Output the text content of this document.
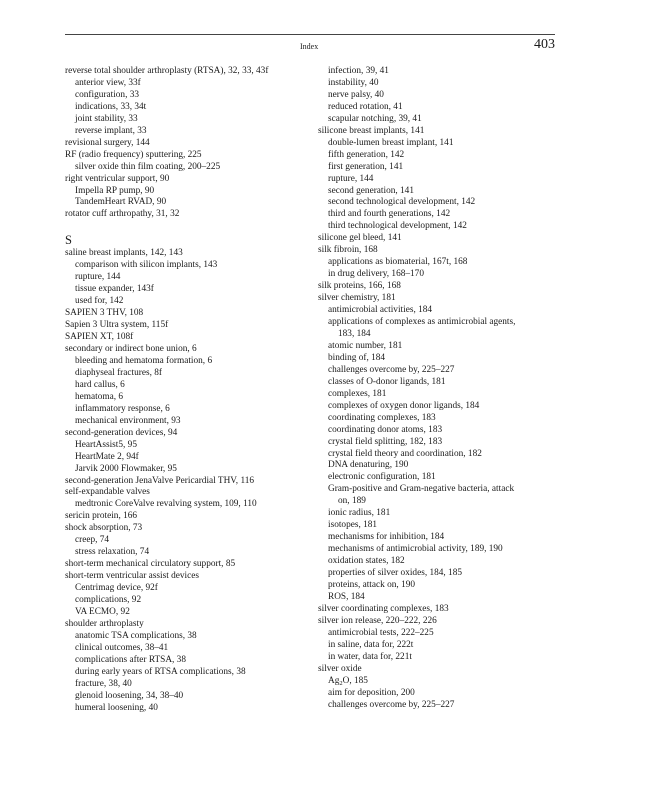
Index	403
reverse total shoulder arthroplasty (RTSA), 32, 33, 43f
anterior view, 33f
configuration, 33
indications, 33, 34t
joint stability, 33
reverse implant, 33
revisional surgery, 144
RF (radio frequency) sputtering, 225
silver oxide thin film coating, 200–225
right ventricular support, 90
Impella RP pump, 90
TandemHeart RVAD, 90
rotator cuff arthropathy, 31, 32
S
saline breast implants, 142, 143
comparison with silicon implants, 143
rupture, 144
tissue expander, 143f
used for, 142
SAPIEN 3 THV, 108
Sapien 3 Ultra system, 115f
SAPIEN XT, 108f
secondary or indirect bone union, 6
bleeding and hematoma formation, 6
diaphyseal fractures, 8f
hard callus, 6
hematoma, 6
inflammatory response, 6
mechanical environment, 93
second-generation devices, 94
HeartAssist5, 95
HeartMate 2, 94f
Jarvik 2000 Flowmaker, 95
second-generation JenaValve Pericardial THV, 116
self-expandable valves
medtronic CoreValve revalving system, 109, 110
sericin protein, 166
shock absorption, 73
creep, 74
stress relaxation, 74
short-term mechanical circulatory support, 85
short-term ventricular assist devices
Centrimag device, 92f
complications, 92
VA ECMO, 92
shoulder arthroplasty
anatomic TSA complications, 38
clinical outcomes, 38–41
complications after RTSA, 38
during early years of RTSA complications, 38
fracture, 38, 40
glenoid loosening, 34, 38–40
humeral loosening, 40
infection, 39, 41
instability, 40
nerve palsy, 40
reduced rotation, 41
scapular notching, 39, 41
silicone breast implants, 141
double-lumen breast implant, 141
fifth generation, 142
first generation, 141
rupture, 144
second generation, 141
second technological development, 142
third and fourth generations, 142
third technological development, 142
silicone gel bleed, 141
silk fibroin, 168
applications as biomaterial, 167t, 168
in drug delivery, 168–170
silk proteins, 166, 168
silver chemistry, 181
antimicrobial activities, 184
applications of complexes as antimicrobial agents,
183, 184
atomic number, 181
binding of, 184
challenges overcome by, 225–227
classes of O-donor ligands, 181
complexes, 181
complexes of oxygen donor ligands, 184
coordinating complexes, 183
coordinating donor atoms, 183
crystal field splitting, 182, 183
crystal field theory and coordination, 182
DNA denaturing, 190
electronic configuration, 181
Gram-positive and Gram-negative bacteria, attack
on, 189
ionic radius, 181
isotopes, 181
mechanisms for inhibition, 184
mechanisms of antimicrobial activity, 189, 190
oxidation states, 182
properties of silver oxides, 184, 185
proteins, attack on, 190
ROS, 184
silver coordinating complexes, 183
silver ion release, 220–222, 226
antimicrobial tests, 222–225
in saline, data for, 222t
in water, data for, 221t
silver oxide
$Ag_2O$, 185
aim for deposition, 200
challenges overcome by, 225–227
